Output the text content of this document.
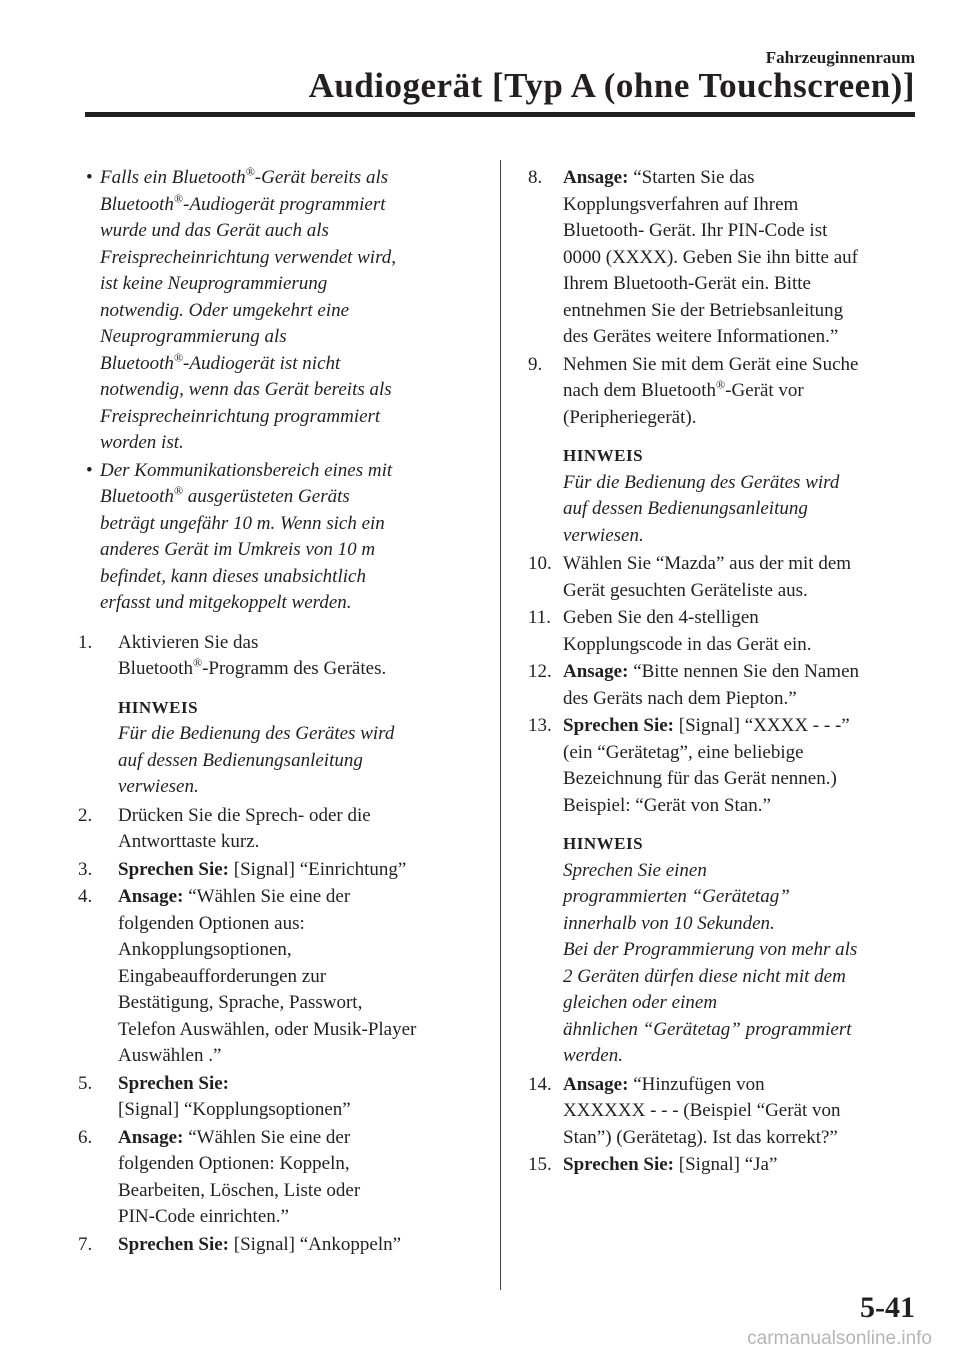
Fahrzeuginnenraum
Audiogerät [Typ A (ohne Touchscreen)]
• Falls ein Bluetooth®-Gerät bereits als
Bluetooth®-Audiogerät programmiert
wurde und das Gerät auch als
Freisprecheinrichtung verwendet wird,
ist keine Neuprogrammierung
notwendig. Oder umgekehrt eine
Neuprogrammierung als
Bluetooth®-Audiogerät ist nicht
notwendig, wenn das Gerät bereits als
Freisprecheinrichtung programmiert
worden ist.
• Der Kommunikationsbereich eines mit
Bluetooth® ausgerüsteten Geräts
beträgt ungefähr 10 m. Wenn sich ein
anderes Gerät im Umkreis von 10 m
befindet, kann dieses unabsichtlich
erfasst und mitgekoppelt werden.
1. Aktivieren Sie das
Bluetooth®-Programm des Gerätes.
HINWEIS
Für die Bedienung des Gerätes wird
auf dessen Bedienungsanleitung
verwiesen.
2. Drücken Sie die Sprech- oder die
Antworttaste kurz.
3. Sprechen Sie: [Signal] “Einrichtung”
4. Ansage: “Wählen Sie eine der
folgenden Optionen aus:
Ankopplungsoptionen,
Eingabeaufforderungen zur
Bestätigung, Sprache, Passwort,
Telefon Auswählen, oder Musik-Player
Auswählen .”
5. Sprechen Sie:
[Signal] “Kopplungsoptionen”
6. Ansage: “Wählen Sie eine der
folgenden Optionen: Koppeln,
Bearbeiten, Löschen, Liste oder
PIN-Code einrichten.”
7. Sprechen Sie: [Signal] “Ankoppeln”
8. Ansage: “Starten Sie das
Kopplungsverfahren auf Ihrem
Bluetooth- Gerät. Ihr PIN-Code ist
0000 (XXXX). Geben Sie ihn bitte auf
Ihrem Bluetooth-Gerät ein. Bitte
entnehmen Sie der Betriebsanleitung
des Gerätes weitere Informationen.”
9. Nehmen Sie mit dem Gerät eine Suche
nach dem Bluetooth®-Gerät vor
(Peripheriegerät).
HINWEIS
Für die Bedienung des Gerätes wird
auf dessen Bedienungsanleitung
verwiesen.
10. Wählen Sie “Mazda” aus der mit dem
Gerät gesuchten Geräteliste aus.
11. Geben Sie den 4-stelligen
Kopplungscode in das Gerät ein.
12. Ansage: “Bitte nennen Sie den Namen
des Geräts nach dem Piepton.”
13. Sprechen Sie: [Signal] “XXXX - - -”
(ein “Gerätetag”, eine beliebige
Bezeichnung für das Gerät nennen.)
Beispiel: “Gerät von Stan.”
HINWEIS
Sprechen Sie einen
programmierten “Gerätetag”
innerhalb von 10 Sekunden.
Bei der Programmierung von mehr als
2 Geräten dürfen diese nicht mit dem
gleichen oder einem
ähnlichen “Gerätetag” programmiert
werden.
14. Ansage: “Hinzufügen von
XXXXXX - - - (Beispiel “Gerät von
Stan”) (Gerätetag). Ist das korrekt?”
15. Sprechen Sie: [Signal] “Ja”
5-41
carmanualsonline.info
